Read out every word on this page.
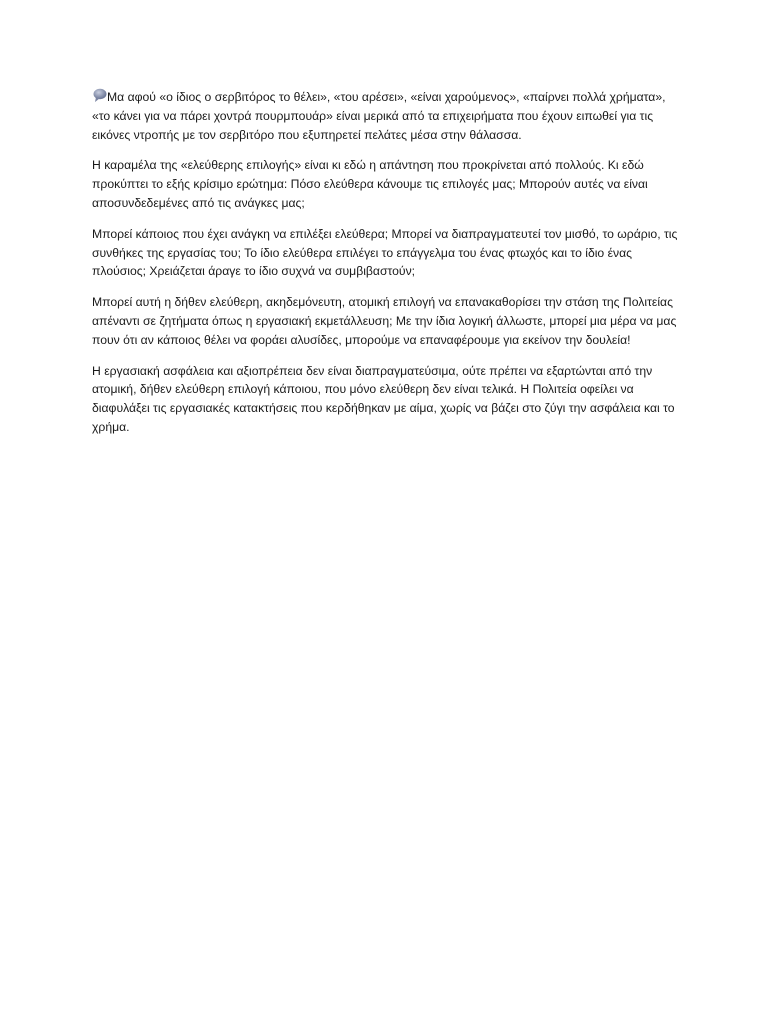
Μα αφού «ο ίδιος ο σερβιτόρος το θέλει», «του αρέσει», «είναι χαρούμενος», «παίρνει πολλά χρήματα», «το κάνει για να πάρει χοντρά πουρμπουάρ» είναι μερικά από τα επιχειρήματα που έχουν ειπωθεί για τις εικόνες ντροπής με τον σερβιτόρο που εξυπηρετεί πελάτες μέσα στην θάλασσα.

Η καραμέλα της «ελεύθερης επιλογής» είναι κι εδώ η απάντηση που προκρίνεται από πολλούς. Κι εδώ προκύπτει το εξής κρίσιμο ερώτημα: Πόσο ελεύθερα κάνουμε τις επιλογές μας; Μπορούν αυτές να είναι αποσυνδεδεμένες από τις ανάγκες μας;

Μπορεί κάποιος που έχει ανάγκη να επιλέξει ελεύθερα; Μπορεί να διαπραγματευτεί τον μισθό, το ωράριο, τις συνθήκες της εργασίας του; Το ίδιο ελεύθερα επιλέγει το επάγγελμα του ένας φτωχός και το ίδιο ένας πλούσιος; Χρειάζεται άραγε το ίδιο συχνά να συμβιβαστούν;

Μπορεί αυτή η δήθεν ελεύθερη, ακηδεμόνευτη, ατομική επιλογή να επανακαθορίσει την στάση της Πολιτείας απέναντι σε ζητήματα όπως η εργασιακή εκμετάλλευση; Με την ίδια λογική άλλωστε, μπορεί μια μέρα να μας πουν ότι αν κάποιος θέλει να φοράει αλυσίδες, μπορούμε να επαναφέρουμε για εκείνον την δουλεία!

Η εργασιακή ασφάλεια και αξιοπρέπεια δεν είναι διαπραγματεύσιμα, ούτε πρέπει να εξαρτώνται από την ατομική, δήθεν ελεύθερη επιλογή κάποιου, που μόνο ελεύθερη δεν είναι τελικά. Η Πολιτεία οφείλει να διαφυλάξει τις εργασιακές κατακτήσεις που κερδήθηκαν με αίμα, χωρίς να βάζει στο ζύγι την ασφάλεια και το χρήμα.
